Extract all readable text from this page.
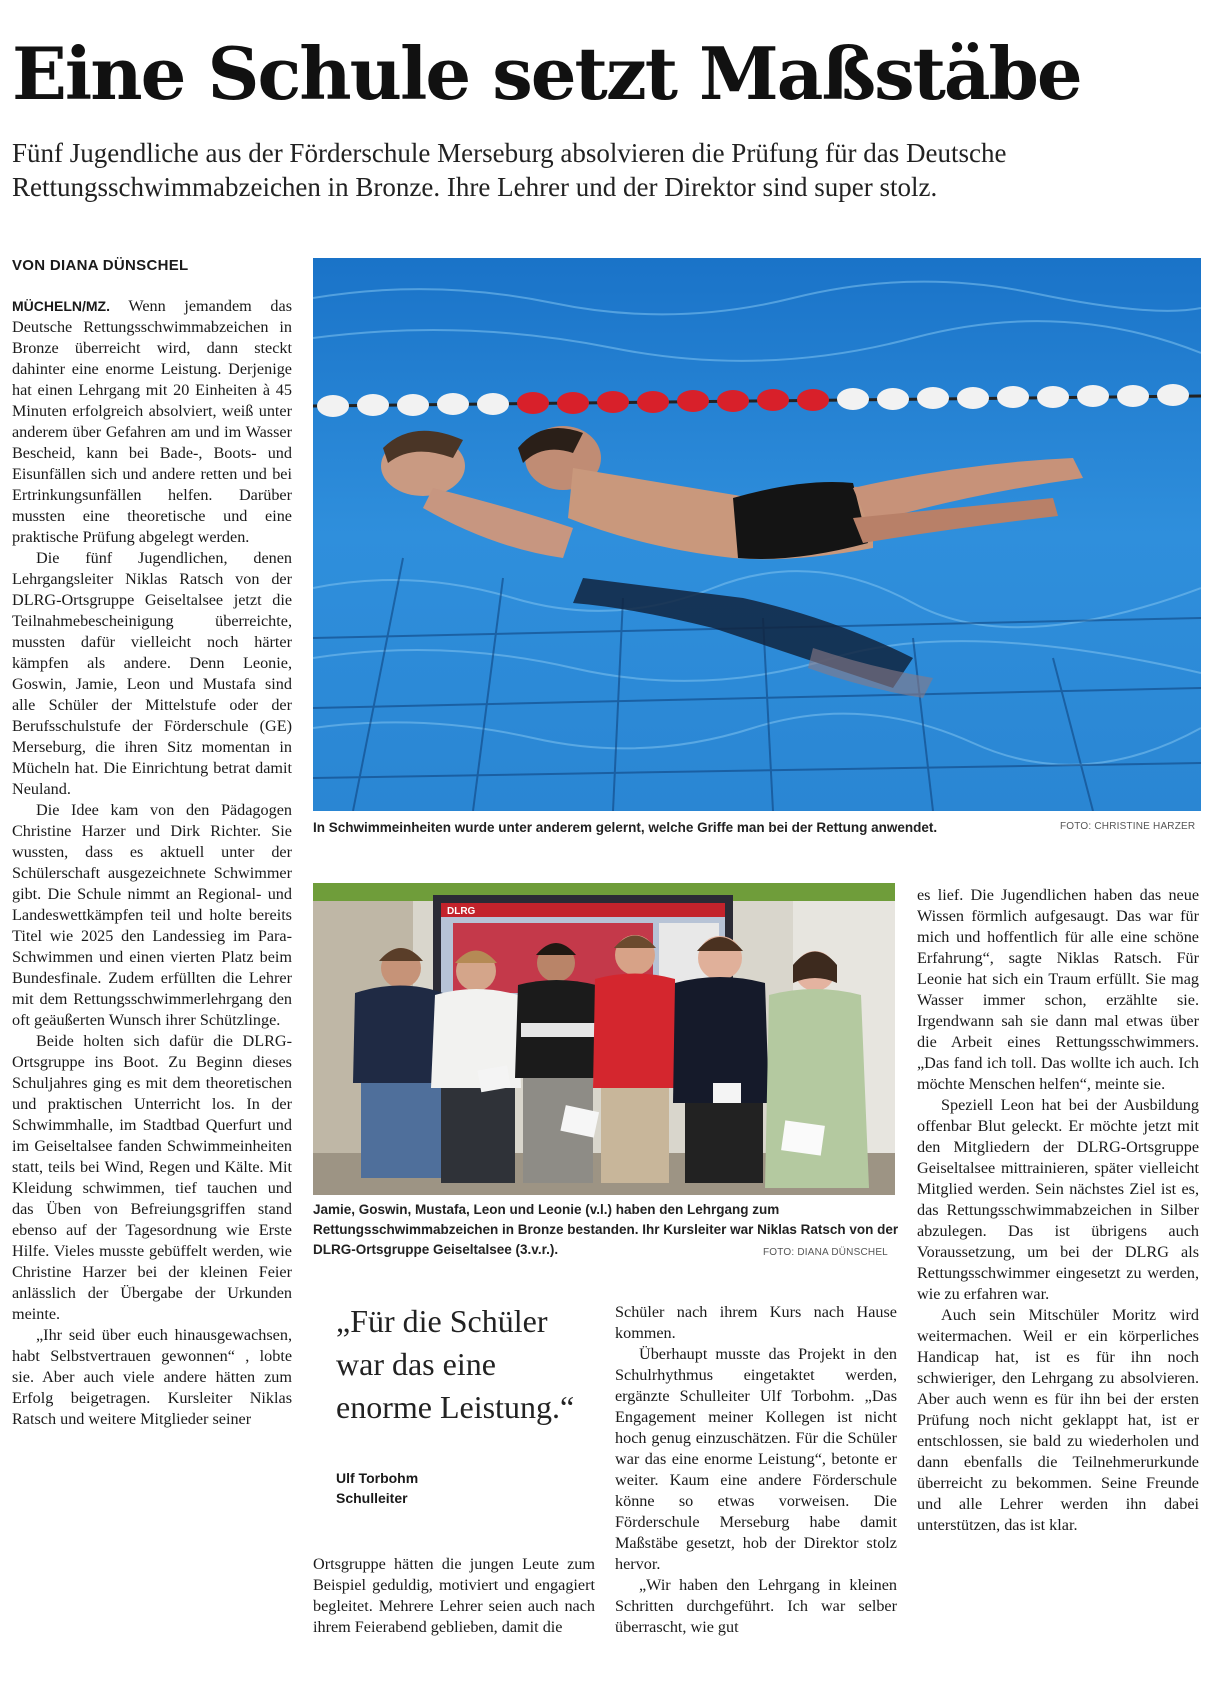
Eine Schule setzt Maßstäbe
Fünf Jugendliche aus der Förderschule Merseburg absolvieren die Prüfung für das Deutsche Rettungsschwimmabzeichen in Bronze. Ihre Lehrer und der Direktor sind super stolz.
VON DIANA DÜNSCHEL

MÜCHELN/MZ. Wenn jemandem das Deutsche Rettungsschwimmabzeichen in Bronze überreicht wird, dann steckt dahinter eine enorme Leistung. Derjenige hat einen Lehrgang mit 20 Einheiten à 45 Minuten erfolgreich absolviert, weiß unter anderem über Gefahren am und im Wasser Bescheid, kann bei Bade-, Boots- und Eisunfällen sich und andere retten und bei Ertrinkungsunfällen helfen. Darüber mussten eine theoretische und eine praktische Prüfung abgelegt werden.

Die fünf Jugendlichen, denen Lehrgangsleiter Niklas Ratsch von der DLRG-Ortsgruppe Geiseltalsee jetzt die Teilnahmebescheinigung überreichte, mussten dafür vielleicht noch härter kämpfen als andere. Denn Leonie, Goswin, Jamie, Leon und Mustafa sind alle Schüler der Mittelstufe oder der Berufsschulstufe der Förderschule (GE) Merseburg, die ihren Sitz momentan in Mücheln hat. Die Einrichtung betrat damit Neuland.

Die Idee kam von den Pädagogen Christine Harzer und Dirk Richter. Sie wussten, dass es aktuell unter der Schülerschaft ausgezeichnete Schwimmer gibt. Die Schule nimmt an Regional- und Landeswettkämpfen teil und holte bereits Titel wie 2025 den Landessieg im Para-Schwimmen und einen vierten Platz beim Bundesfinale. Zudem erfüllten die Lehrer mit dem Rettungsschwimmerlehrgang den oft geäußerten Wunsch ihrer Schützlinge.

Beide holten sich dafür die DLRG-Ortsgruppe ins Boot. Zu Beginn dieses Schuljahres ging es mit dem theoretischen und praktischen Unterricht los. In der Schwimmhalle, im Stadtbad Querfurt und im Geiseltalsee fanden Schwimmeinheiten statt, teils bei Wind, Regen und Kälte. Mit Kleidung schwimmen, tief tauchen und das Üben von Befreiungsgriffen stand ebenso auf der Tagesordnung wie Erste Hilfe. Vieles musste gebüffelt werden, wie Christine Harzer bei der kleinen Feier anlässlich der Übergabe der Urkunden meinte.

„Ihr seid über euch hinausgewachsen, habt Selbstvertrauen gewonnen“ , lobte sie. Aber auch viele andere hätten zum Erfolg beigetragen. Kursleiter Niklas Ratsch und weitere Mitglieder seiner

In Schwimmeinheiten wurde unter anderem gelernt, welche Griffe man bei der Rettung anwendet.	FOTO: CHRISTINE HARZER
DLRG
Jamie, Goswin, Mustafa, Leon und Leonie (v.l.) haben den Lehrgang zum Rettungsschwimmabzeichen in Bronze bestanden. Ihr Kursleiter war Niklas Ratsch von der DLRG-Ortsgruppe Geiseltalsee (3.v.r.).	FOTO: DIANA DÜNSCHEL
„Für die Schüler war das eine enorme Leistung.“
Ulf Torbohm
Schulleiter

Ortsgruppe hätten die jungen Leute zum Beispiel geduldig, motiviert und engagiert begleitet. Mehrere Lehrer seien auch nach ihrem Feierabend geblieben, damit die

Schüler nach ihrem Kurs nach Hause kommen.

Überhaupt musste das Projekt in den Schulrhythmus eingetaktet werden, ergänzte Schulleiter Ulf Torbohm. „Das Engagement meiner Kollegen ist nicht hoch genug einzuschätzen. Für die Schüler war das eine enorme Leistung“, betonte er weiter. Kaum eine andere Förderschule könne so etwas vorweisen. Die Förderschule Merseburg habe damit Maßstäbe gesetzt, hob der Direktor stolz hervor.

„Wir haben den Lehrgang in kleinen Schritten durchgeführt. Ich war selber überrascht, wie gut

es lief. Die Jugendlichen haben das neue Wissen förmlich aufgesaugt. Das war für mich und hoffentlich für alle eine schöne Erfahrung“, sagte Niklas Ratsch. Für Leonie hat sich ein Traum erfüllt. Sie mag Wasser immer schon, erzählte sie. Irgendwann sah sie dann mal etwas über die Arbeit eines Rettungsschwimmers. „Das fand ich toll. Das wollte ich auch. Ich möchte Menschen helfen“, meinte sie.

Speziell Leon hat bei der Ausbildung offenbar Blut geleckt. Er möchte jetzt mit den Mitgliedern der DLRG-Ortsgruppe Geiseltalsee mittrainieren, später vielleicht Mitglied werden. Sein nächstes Ziel ist es, das Rettungsschwimmabzeichen in Silber abzulegen. Das ist übrigens auch Voraussetzung, um bei der DLRG als Rettungsschwimmer eingesetzt zu werden, wie zu erfahren war.

Auch sein Mitschüler Moritz wird weitermachen. Weil er ein körperliches Handicap hat, ist es für ihn noch schwieriger, den Lehrgang zu absolvieren. Aber auch wenn es für ihn bei der ersten Prüfung noch nicht geklappt hat, ist er entschlossen, sie bald zu wiederholen und dann ebenfalls die Teilnehmerurkunde überreicht zu bekommen. Seine Freunde und alle Lehrer werden ihn dabei unterstützen, das ist klar.
